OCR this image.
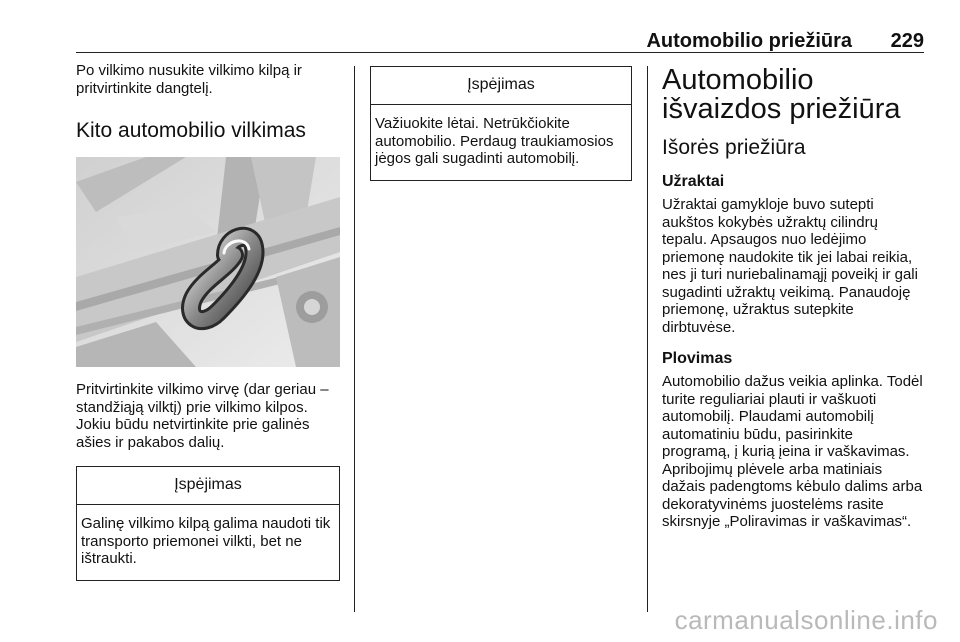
Automobilio priežiūra 229

Po vilkimo nusukite vilkimo kilpą ir pritvirtinkite dangtelį.

Kito automobilio vilkimas

Pritvirtinkite vilkimo virvę (dar geriau – standžiąją vilktį) prie vilkimo kilpos. Jokiu būdu netvirtinkite prie galinės ašies ir pakabos dalių.

Įspėjimas

Galinę vilkimo kilpą galima naudoti tik transporto priemonei vilkti, bet ne ištraukti.

Įspėjimas

Važiuokite lėtai. Netrūkčiokite automobilio. Perdaug traukiamosios jėgos gali sugadinti automobilį.

Automobilio išvaizdos priežiūra
Išorės priežiūra
Užraktai

Užraktai gamykloje buvo sutepti aukštos kokybės užraktų cilindrų tepalu. Apsaugos nuo ledėjimo priemonę naudokite tik jei labai reikia, nes ji turi nuriebalinamąjį poveikį ir gali sugadinti užraktų veikimą. Panaudoję priemonę, užraktus sutepkite dirbtuvėse.

Plovimas

Automobilio dažus veikia aplinka. Todėl turite reguliariai plauti ir vaškuoti automobilį. Plaudami automobilį automatiniu būdu, pasirinkite programą, į kurią įeina ir vaškavimas. Apribojimų plėvele arba matiniais dažais padengtoms kėbulo dalims arba dekoratyvinėms juostelėms rasite skirsnyje „Poliravimas ir vaškavimas“.

carmanualsonline.info
